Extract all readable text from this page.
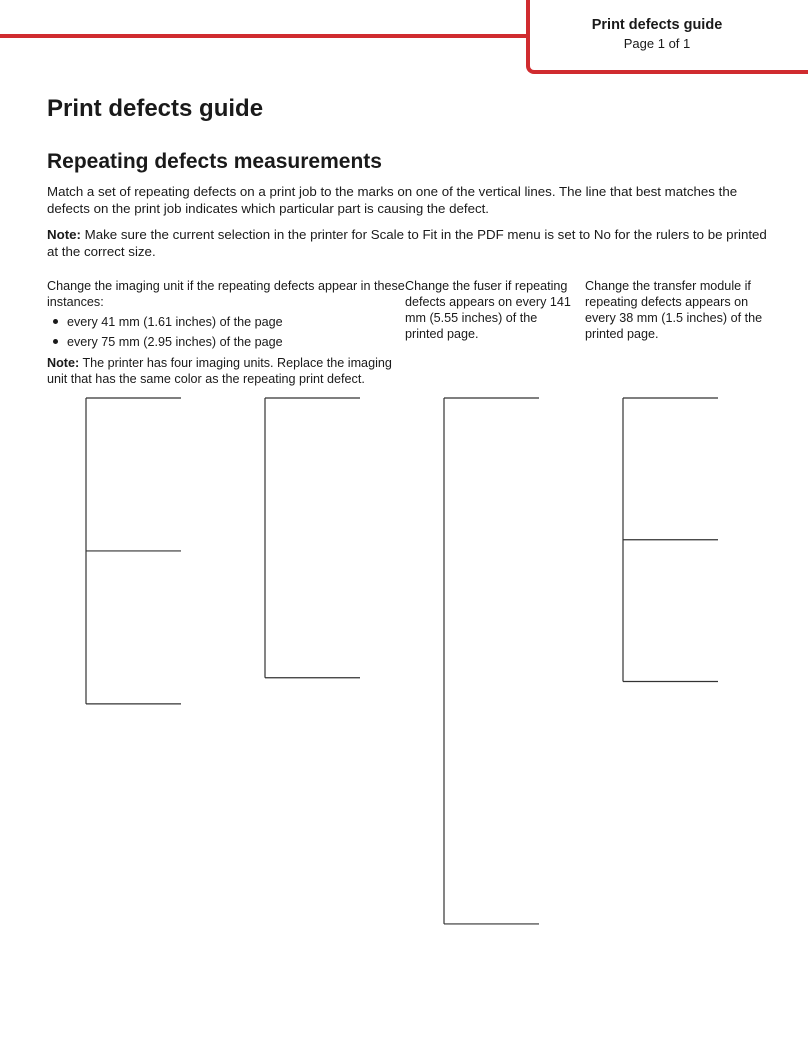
Print defects guide
Page 1 of 1
Print defects guide
Repeating defects measurements

Match a set of repeating defects on a print job to the marks on one of the vertical lines. The line that best matches the defects on the print job indicates which particular part is causing the defect.

Note: Make sure the current selection in the printer for Scale to Fit in the PDF menu is set to No for the rulers to be printed at the correct size.

Change the imaging unit if the repeating defects appear in these instances:

every 41 mm (1.61 inches) of the page
every 75 mm (2.95 inches) of the page

Note: The printer has four imaging units. Replace the imaging unit that has the same color as the repeating print defect.

Change the fuser if repeating defects appears on every 141 mm (5.55 inches) of the printed page.

Change the transfer module if repeating defects appears on every 38 mm (1.5 inches) of the printed page.
